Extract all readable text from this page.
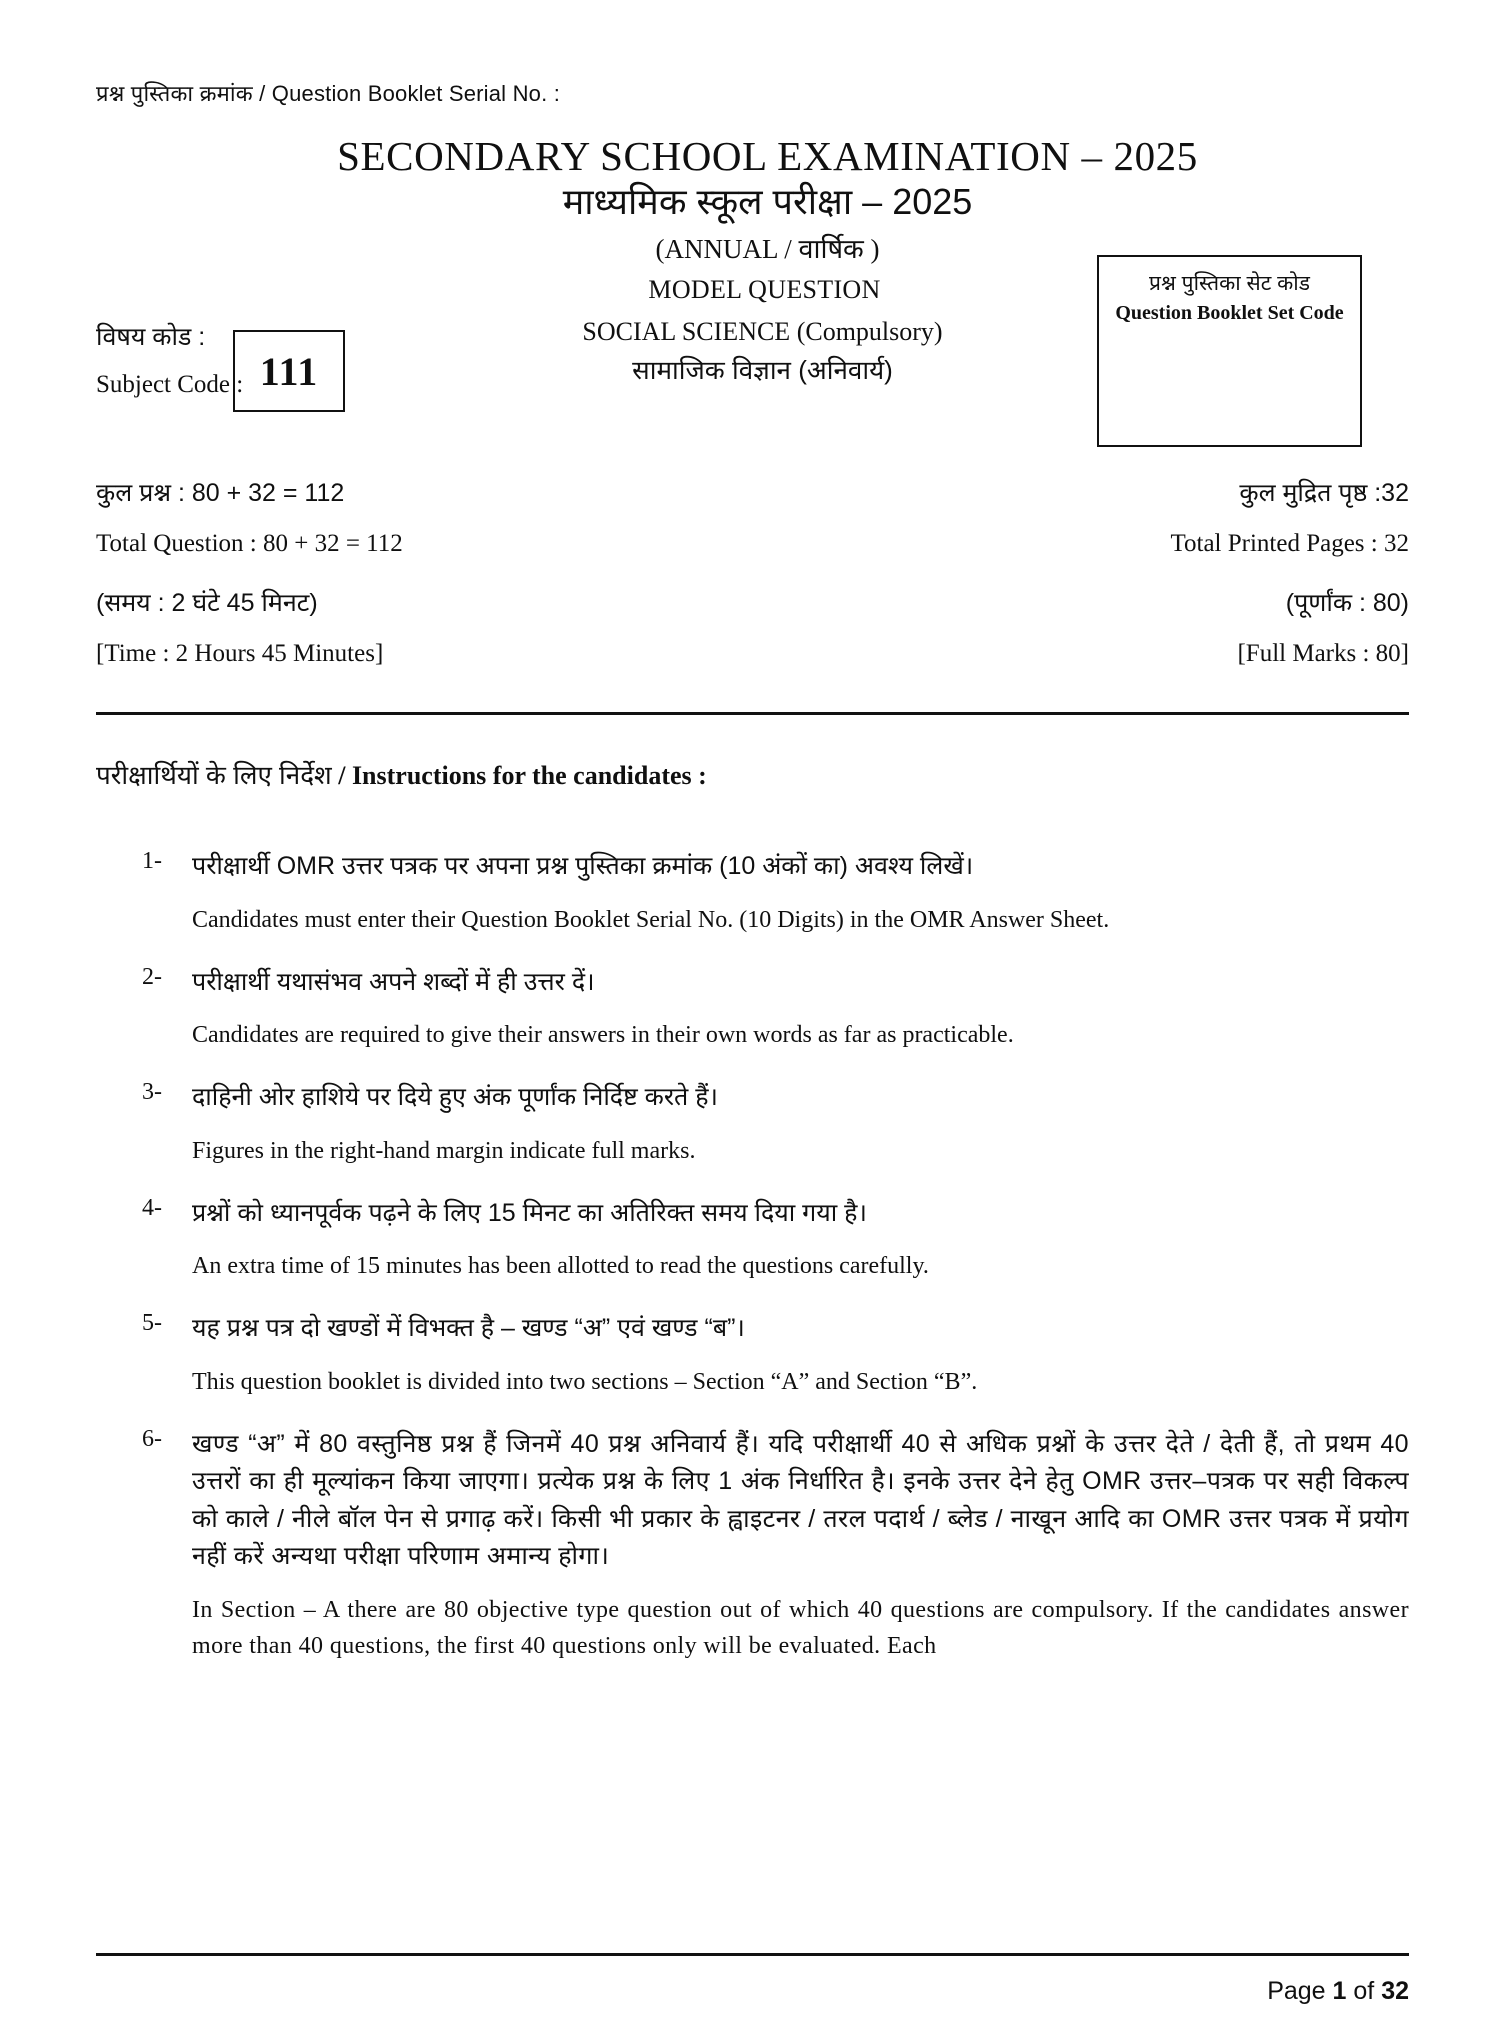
प्रश्न पुस्तिका क्रमांक / Question Booklet Serial No. :
SECONDARY SCHOOL EXAMINATION – 2025
माध्यमिक स्कूल परीक्षा – 2025
(ANNUAL / वार्षिक )
MODEL QUESTION
SOCIAL SCIENCE (Compulsory)
सामाजिक विज्ञान (अनिवार्य)
विषय कोड :
Subject Code : 111
प्रश्न पुस्तिका सेट कोड
Question Booklet Set Code
कुल प्रश्न : 80 + 32 = 112	कुल मुद्रित पृष्ठ :32
Total Question : 80 + 32 = 112	Total Printed Pages : 32
(समय : 2 घंटे 45 मिनट)	(पूर्णांक : 80)
[Time : 2 Hours 45 Minutes]	[Full Marks : 80]
परीक्षार्थियों के लिए निर्देश / Instructions for the candidates :
1-	परीक्षार्थी OMR उत्तर पत्रक पर अपना प्रश्न पुस्तिका क्रमांक (10 अंकों का) अवश्य लिखें।
Candidates must enter their Question Booklet Serial No. (10 Digits) in the OMR Answer Sheet.
2-	परीक्षार्थी यथासंभव अपने शब्दों में ही उत्तर दें।
Candidates are required to give their answers in their own words as far as practicable.
3-	दाहिनी ओर हाशिये पर दिये हुए अंक पूर्णांक निर्दिष्ट करते हैं।
Figures in the right-hand margin indicate full marks.
4-	प्रश्नों को ध्यानपूर्वक पढ़ने के लिए 15 मिनट का अतिरिक्त समय दिया गया है।
An extra time of 15 minutes has been allotted to read the questions carefully.
5-	यह प्रश्न पत्र दो खण्डों में विभक्त है – खण्ड “अ” एवं खण्ड “ब”।
This question booklet is divided into two sections – Section “A” and Section “B”.
6-	खण्ड “अ” में 80 वस्तुनिष्ठ प्रश्न हैं जिनमें 40 प्रश्न अनिवार्य हैं। यदि परीक्षार्थी 40 से अधिक प्रश्नों के उत्तर देते / देती हैं, तो प्रथम 40 उत्तरों का ही मूल्यांकन किया जाएगा। प्रत्येक प्रश्न के लिए 1 अंक निर्धारित है। इनके उत्तर देने हेतु OMR उत्तर–पत्रक पर सही विकल्प को काले / नीले बॉल पेन से प्रगाढ़ करें। किसी भी प्रकार के ह्वाइटनर / तरल पदार्थ / ब्लेड / नाखून आदि का OMR उत्तर पत्रक में प्रयोग नहीं करें अन्यथा परीक्षा परिणाम अमान्य होगा।
In Section – A there are 80 objective type question out of which 40 questions are compulsory. If the candidates answer more than 40 questions, the first 40 questions only will be evaluated. Each
Page 1 of 32
